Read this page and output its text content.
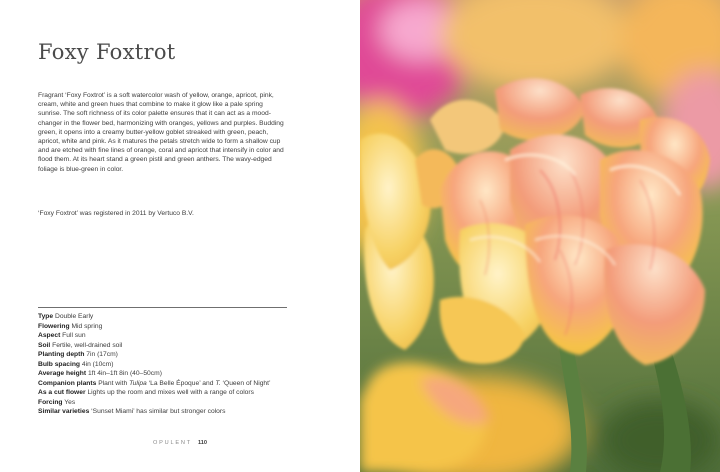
Foxy Foxtrot

Fragrant ‘Foxy Foxtrot’ is a soft watercolor wash of yellow, orange, apricot, pink, cream, white and green hues that combine to make it glow like a pale spring sunrise. The soft richness of its color palette ensures that it can act as a mood-changer in the flower bed, harmonizing with oranges, yellows and purples. Budding green, it opens into a creamy butter-yellow goblet streaked with green, peach, apricot, white and pink. As it matures the petals stretch wide to form a shallow cup and are etched with fine lines of orange, coral and apricot that intensify in color and flood them. At its heart stand a green pistil and green anthers. The wavy-edged foliage is blue-green in color.

‘Foxy Foxtrot’ was registered in 2011 by Vertuco B.V.

Type Double Early
Flowering Mid spring
Aspect Full sun
Soil Fertile, well-drained soil
Planting depth 7in (17cm)
Bulb spacing 4in (10cm)
Average height 1ft 4in–1ft 8in (40–50cm)
Companion plants Plant with Tulipa ‘La Belle Époque’ and T. ‘Queen of Night’
As a cut flower Lights up the room and mixes well with a range of colors
Forcing Yes
Similar varieties ‘Sunset Miami’ has similar but stronger colors
OPULENT 110
